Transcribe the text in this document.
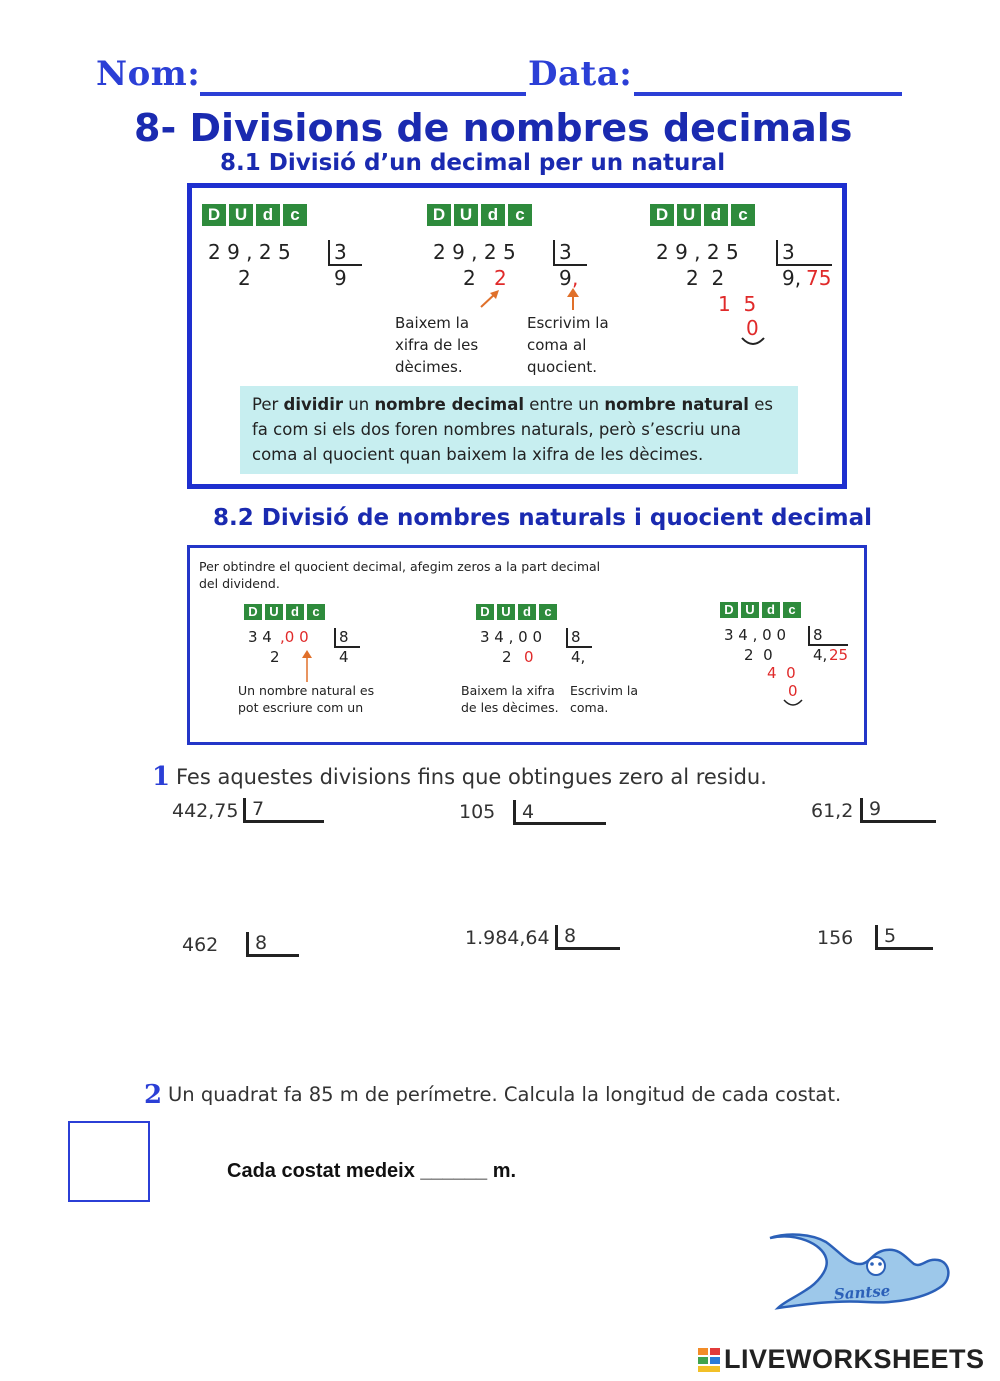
Nom:	Data:
8- Divisions de nombres decimals
8.1 Divisió d’un decimal per un natural
D U d	c
2 9 , 2 5 3
2	9
D U d	c
2 9 , 2 5 3
2 2	9 ,
Baixem la
xifra de les
dècimes.
Escrivim la
coma al
quocient.
D U d	c
2 9 , 2 5 3
2  2	9, 75
1  5
0
Per dividir un nombre decimal entre un nombre natural es fa com si els dos foren nombres naturals, però s’escriu una coma al quocient quan baixem la xifra de les dècimes.
8.2 Divisió de nombres naturals i quocient decimal
Per obtindre el quocient decimal, afegim zeros a la part decimal
del dividend.
D U d	c
3 4 ,0 0 8
2	4
Un nombre natural es
pot escriure com un
D U d	c
3 4 , 0 0 8
2 0 4,
Baixem la xifra
de les dècimes.
Escrivim la
coma.
D U d	c
3 4 , 0 0 8
2  0	4, 25
4  0
0
1 Fes aquestes divisions fins que obtingues zero al residu.
442,75 7	105 4	61,2 9
462 8	1.984,64 8	156 5
2 Un quadrat fa 85 m de perímetre. Calcula la longitud de cada costat.
Cada costat medeix ______ m.
Santse
LIVEWORKSHEETS
